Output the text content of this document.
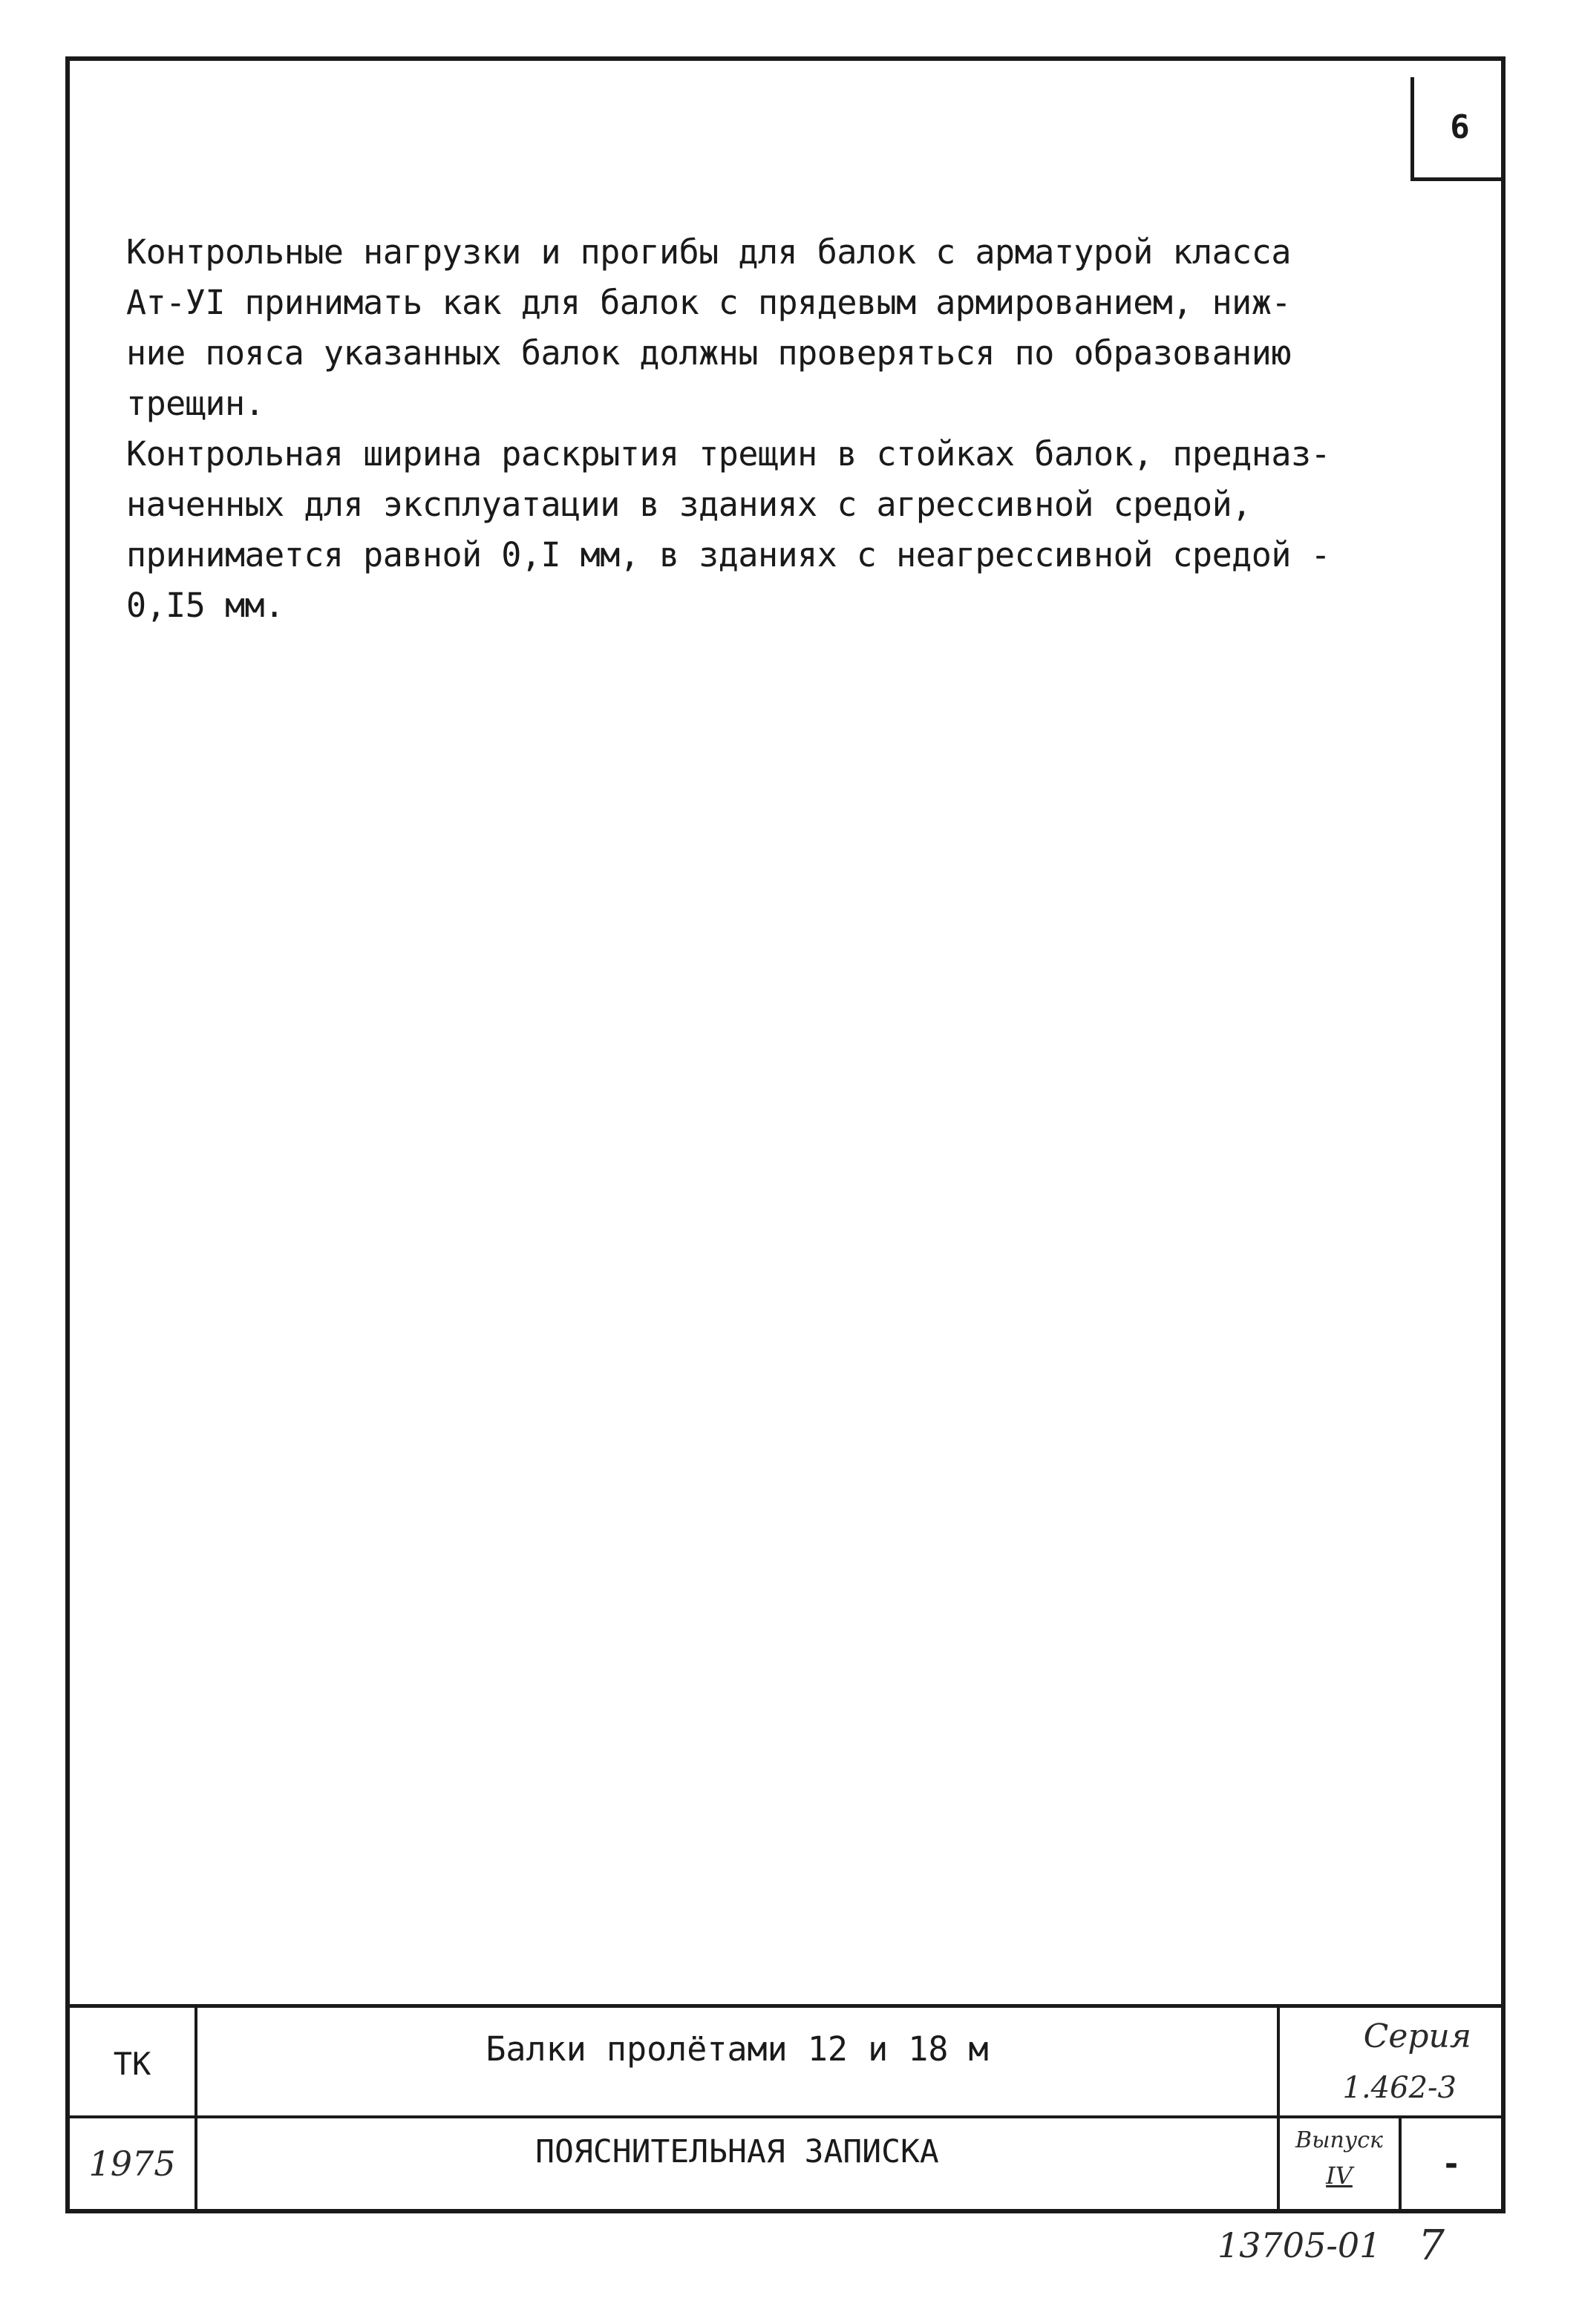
6

Контрольные нагрузки и прогибы для балок с арматурой класса

Ат-УI принимать как для балок с прядевым армированием, ниж-

ние пояса указанных балок должны проверяться по образованию

трещин.

Контрольная ширина раскрытия трещин в стойках балок, предназ-

наченных для эксплуатации в зданиях с агрессивной средой,

принимается равной 0,I мм, в зданиях с неагрессивной средой -

0,I5 мм.

ТК
1975
Балки пролётами 12 и 18 м
ПОЯСНИТЕЛЬНАЯ ЗАПИСКА
Серия
1.462-3
Выпуск
IV	-
13705-01 7
